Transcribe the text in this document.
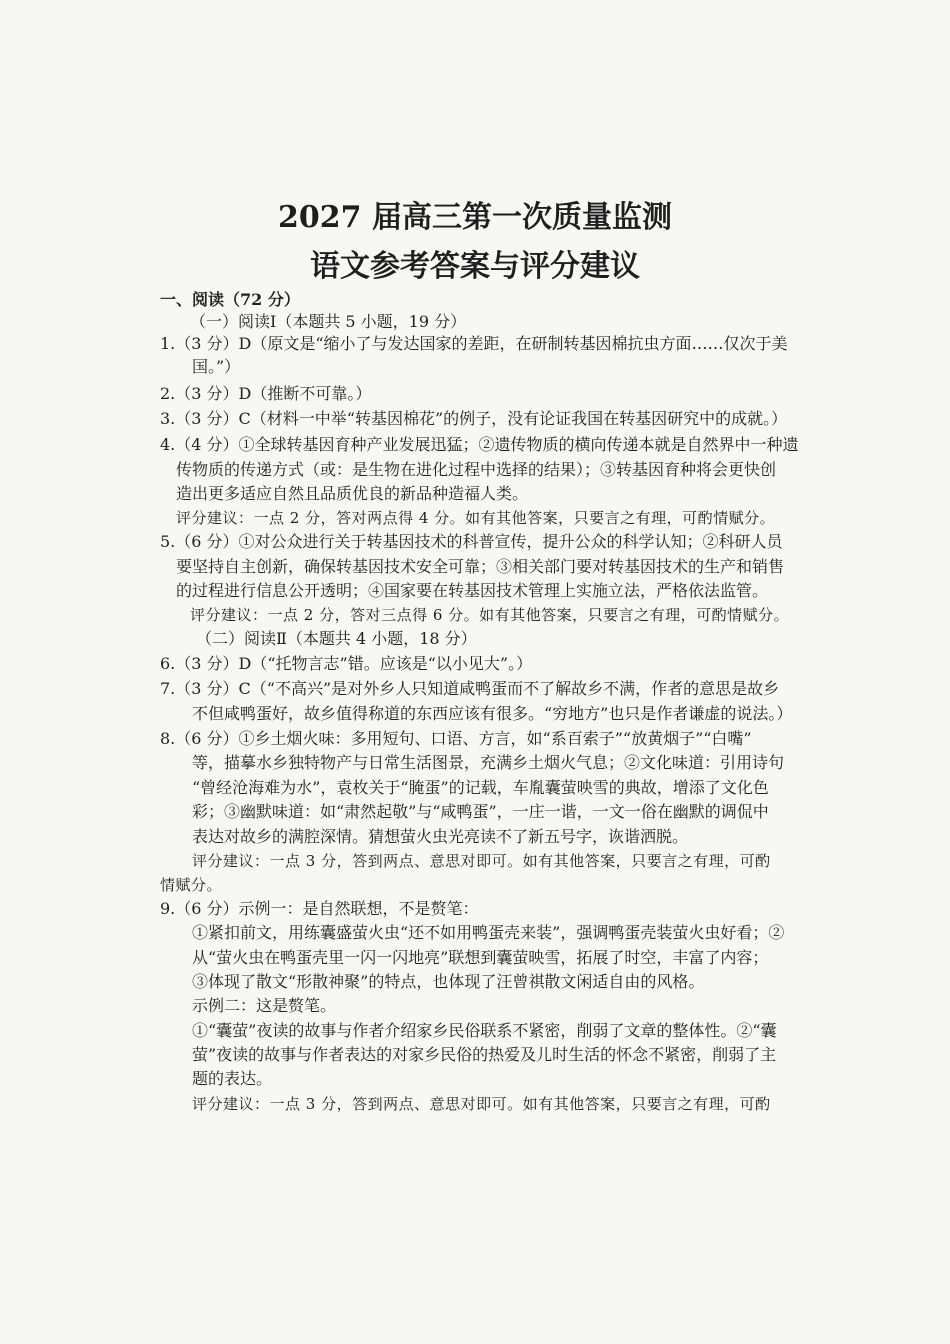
2027 届高三第一次质量监测
语文参考答案与评分建议
一、阅读（72 分）
（一）阅读Ⅰ（本题共 5 小题，19 分）
1.（3 分）D（原文是“缩小了与发达国家的差距，在研制转基因棉抗虫方面……仅次于美
国。”）
2.（3 分）D（推断不可靠。）
3.（3 分）C（材料一中举“转基因棉花”的例子，没有论证我国在转基因研究中的成就。）
4.（4 分）①全球转基因育种产业发展迅猛；②遗传物质的横向传递本就是自然界中一种遗
传物质的传递方式（或：是生物在进化过程中选择的结果）；③转基因育种将会更快创
造出更多适应自然且品质优良的新品种造福人类。
评分建议：一点 2 分，答对两点得 4 分。如有其他答案，只要言之有理，可酌情赋分。
5.（6 分）①对公众进行关于转基因技术的科普宣传，提升公众的科学认知；②科研人员
要坚持自主创新，确保转基因技术安全可靠；③相关部门要对转基因技术的生产和销售
的过程进行信息公开透明；④国家要在转基因技术管理上实施立法，严格依法监管。
评分建议：一点 2 分，答对三点得 6 分。如有其他答案，只要言之有理，可酌情赋分。
（二）阅读Ⅱ（本题共 4 小题，18 分）
6.（3 分）D（“托物言志”错。应该是“以小见大”。）
7.（3 分）C（“不高兴”是对外乡人只知道咸鸭蛋而不了解故乡不满，作者的意思是故乡
不但咸鸭蛋好，故乡值得称道的东西应该有很多。“穷地方”也只是作者谦虚的说法。）
8.（6 分）①乡土烟火味：多用短句、口语、方言，如“系百索子”“放黄烟子”“白嘴”
等，描摹水乡独特物产与日常生活图景，充满乡土烟火气息；②文化味道：引用诗句
“曾经沧海难为水”，袁枚关于“腌蛋”的记载，车胤囊萤映雪的典故，增添了文化色
彩；③幽默味道：如“肃然起敬”与“咸鸭蛋”，一庄一谐，一文一俗在幽默的调侃中
表达对故乡的满腔深情。猜想萤火虫光亮读不了新五号字，诙谐洒脱。
评分建议：一点 3 分，答到两点、意思对即可。如有其他答案，只要言之有理，可酌
情赋分。
9.（6 分）示例一：是自然联想，不是赘笔：
①紧扣前文，用练囊盛萤火虫“还不如用鸭蛋壳来装”，强调鸭蛋壳装萤火虫好看；②
从“萤火虫在鸭蛋壳里一闪一闪地亮”联想到囊萤映雪，拓展了时空，丰富了内容；
③体现了散文“形散神聚”的特点，也体现了汪曾祺散文闲适自由的风格。
示例二：这是赘笔。
①“囊萤”夜读的故事与作者介绍家乡民俗联系不紧密，削弱了文章的整体性。②“囊
萤”夜读的故事与作者表达的对家乡民俗的热爱及儿时生活的怀念不紧密，削弱了主
题的表达。
评分建议：一点 3 分，答到两点、意思对即可。如有其他答案，只要言之有理，可酌
